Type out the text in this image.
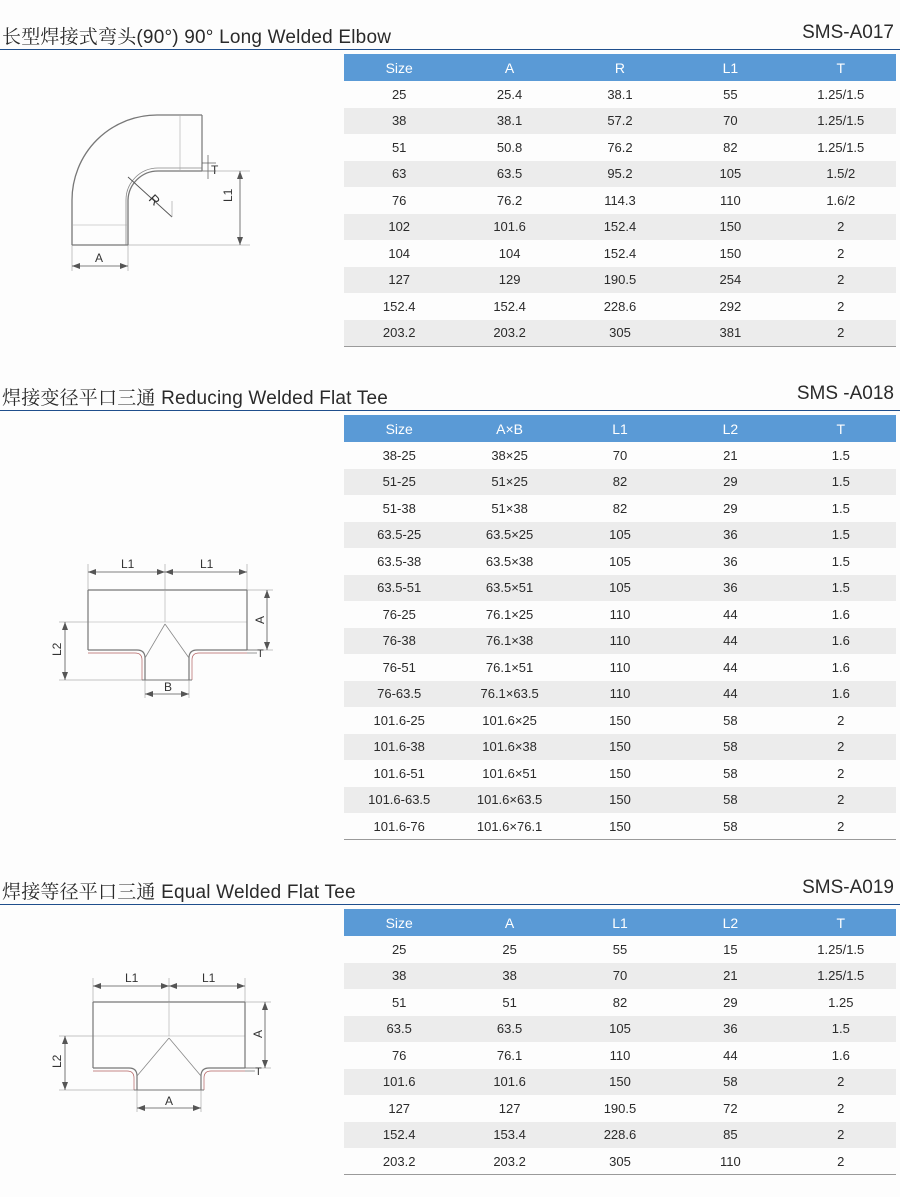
长型焊接式弯头(90°) 90° Long Welded Elbow	SMS-A017
R
T
L1
A
Size	A	R	L1	T
25	25.4	38.1	55	1.25/1.5
38	38.1	57.2	70	1.25/1.5
51	50.8	76.2	82	1.25/1.5
63	63.5	95.2	105	1.5/2
76	76.2	114.3	110	1.6/2
102	101.6	152.4	150	2
104	104	152.4	150	2
127	129	190.5	254	2
152.4	152.4	228.6	292	2
203.2	203.2	305	381	2
焊接变径平口三通 Reducing Welded Flat Tee	SMS -A018
L1	L1
A
T
L2
B
Size	A×B	L1	L2	T
38-25	38×25	70	21	1.5
51-25	51×25	82	29	1.5
51-38	51×38	82	29	1.5
63.5-25	63.5×25	105	36	1.5
63.5-38	63.5×38	105	36	1.5
63.5-51	63.5×51	105	36	1.5
76-25	76.1×25	110	44	1.6
76-38	76.1×38	110	44	1.6
76-51	76.1×51	110	44	1.6
76-63.5	76.1×63.5	110	44	1.6
101.6-25	101.6×25	150	58	2
101.6-38	101.6×38	150	58	2
101.6-51	101.6×51	150	58	2
101.6-63.5	101.6×63.5	150	58	2
101.6-76	101.6×76.1	150	58	2
焊接等径平口三通 Equal Welded Flat Tee	SMS-A019
L1	L1
A
T
L2
A
Size	A	L1	L2	T
25	25	55	15	1.25/1.5
38	38	70	21	1.25/1.5
51	51	82	29	1.25
63.5	63.5	105	36	1.5
76	76.1	110	44	1.6
101.6	101.6	150	58	2
127	127	190.5	72	2
152.4	153.4	228.6	85	2
203.2	203.2	305	110	2
